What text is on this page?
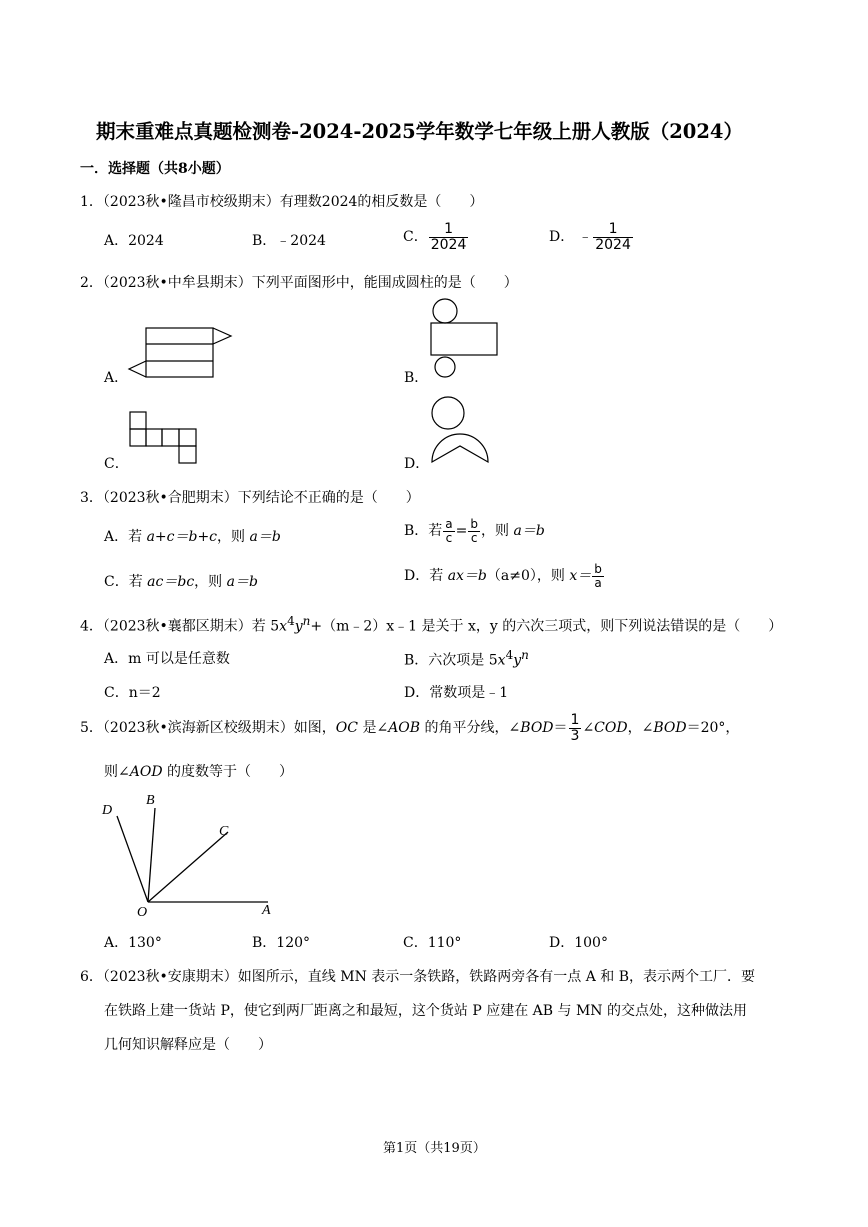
期末重难点真题检测卷-2024-2025学年数学七年级上册人教版（2024）
一．选择题（共8小题）
1．（2023秋•隆昌市校级期末）有理数2024的相反数是（　　）
A．2024	B．﹣2024	C． $\frac{1}{2024}$	D． ﹣ $\frac{1}{2024}$
2．（2023秋•中牟县期末）下列平面图形中，能围成圆柱的是（　　）
A．	B．
C．	D．
3．（2023秋•合肥期末）下列结论不正确的是（　　）
A．若 a+c＝b+c，则 a＝b	B．若 $\frac{a}{c} = \frac{b}{c}$ ，则 a＝b
C．若 ac＝bc，则 a＝b	D．若 ax＝b（a≠0），则 $x= \frac{b}{a}$
4．（2023秋•襄都区期末）若 $5x^4y^n+(m﹣2)x﹣1$ 是关于 x，y 的六次三项式，则下列说法错误的是（　　）
A．m 可以是任意数	B．六次项是 $5x^4y^n$
C．n＝2	D．常数项是﹣1
5．（2023秋•滨海新区校级期末）如图，OC 是∠AOB 的角平分线，∠BOD＝ $\frac{1}{3}$ ∠COD，∠BOD＝20°，
则∠AOD 的度数等于（　　）
D
B
C
O	A
A．130°	B．120°	C．110°	D．100°
6．（2023秋•安康期末）如图所示，直线 MN 表示一条铁路，铁路两旁各有一点 A 和 B，表示两个工厂．要
在铁路上建一货站 P，使它到两厂距离之和最短，这个货站 P 应建在 AB 与 MN 的交点处，这种做法用
几何知识解释应是（　　）
第1页（共19页）
